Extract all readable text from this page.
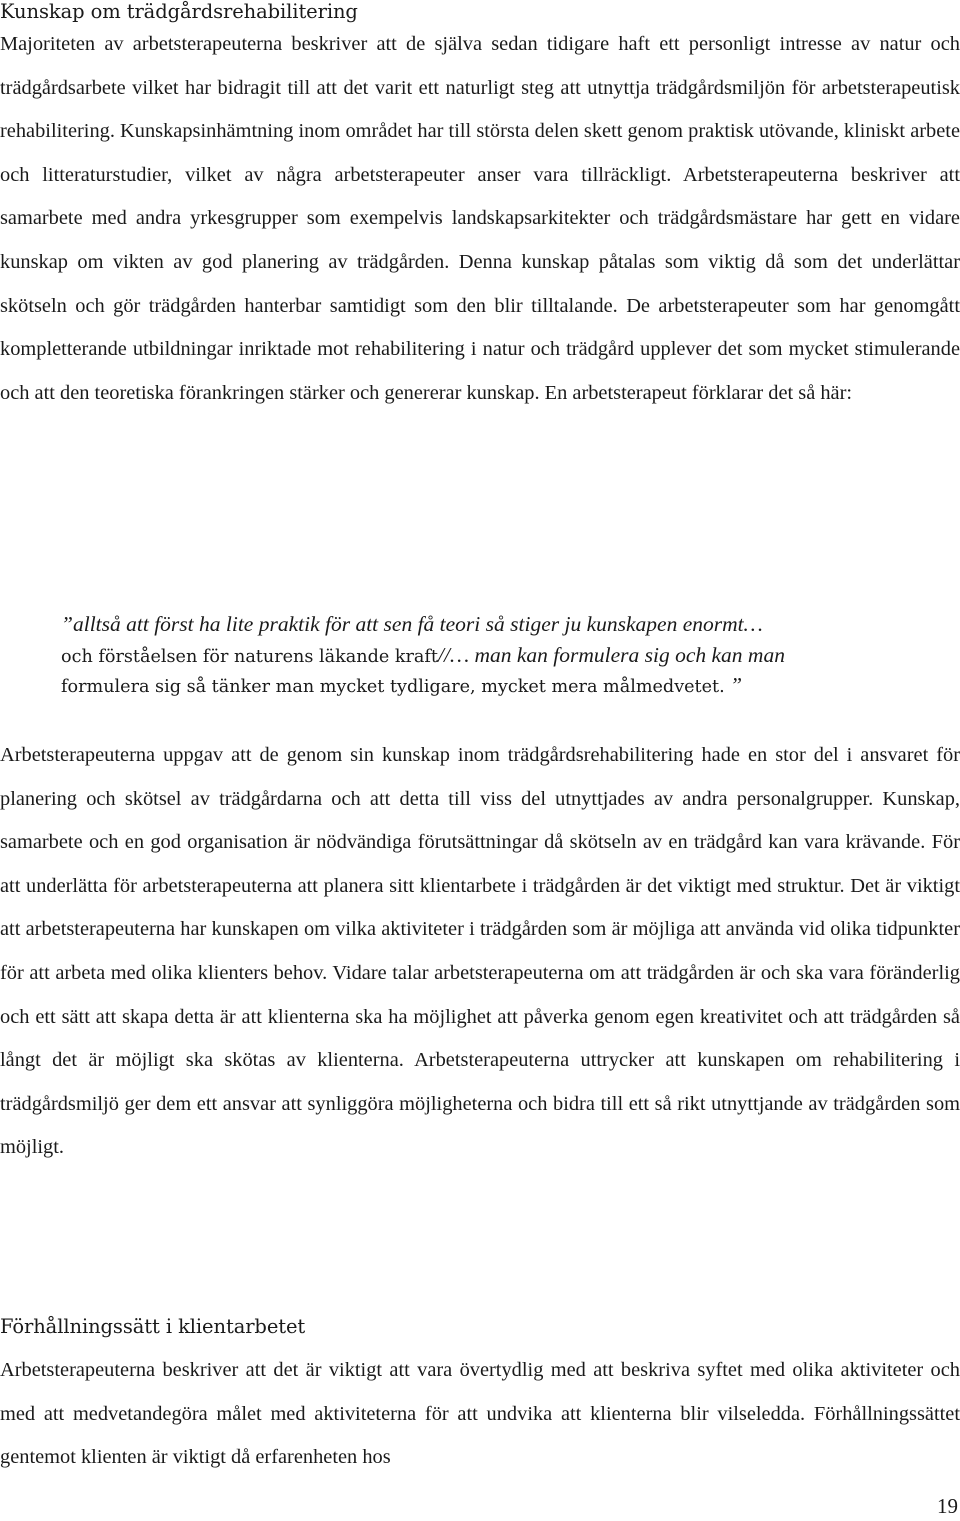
Kunskap om trädgårdsrehabilitering

Majoriteten av arbetsterapeuterna beskriver att de själva sedan tidigare haft ett personligt intresse av natur och trädgårdsarbete vilket har bidragit till att det varit ett naturligt steg att utnyttja trädgårdsmiljön för arbetsterapeutisk rehabilitering. Kunskapsinhämtning inom området har till största delen skett genom praktisk utövande, kliniskt arbete och litteraturstudier, vilket av några arbetsterapeuter anser vara tillräckligt. Arbetsterapeuterna beskriver att samarbete med andra yrkesgrupper som exempelvis landskapsarkitekter och trädgårdsmästare har gett en vidare kunskap om vikten av god planering av trädgården. Denna kunskap påtalas som viktig då som det underlättar skötseln och gör trädgården hanterbar samtidigt som den blir tilltalande. De arbetsterapeuter som har genomgått kompletterande utbildningar inriktade mot rehabilitering i natur och trädgård upplever det som mycket stimulerande och att den teoretiska förankringen stärker och genererar kunskap. En arbetsterapeut förklarar det så här:

”alltså att först ha lite praktik för att sen få teori så stiger ju kunskapen enormt…
och förståelsen för naturens läkande kraft//… man kan formulera sig och kan man
formulera sig så tänker man mycket tydligare, mycket mera målmedvetet. ”

Arbetsterapeuterna uppgav att de genom sin kunskap inom trädgårdsrehabilitering hade en stor del i ansvaret för planering och skötsel av trädgårdarna och att detta till viss del utnyttjades av andra personalgrupper. Kunskap, samarbete och en god organisation är nödvändiga förutsättningar då skötseln av en trädgård kan vara krävande. För att underlätta för arbetsterapeuterna att planera sitt klientarbete i trädgården är det viktigt med struktur. Det är viktigt att arbetsterapeuterna har kunskapen om vilka aktiviteter i trädgården som är möjliga att använda vid olika tidpunkter för att arbeta med olika klienters behov. Vidare talar arbetsterapeuterna om att trädgården är och ska vara föränderlig och ett sätt att skapa detta är att klienterna ska ha möjlighet att påverka genom egen kreativitet och att trädgården så långt det är möjligt ska skötas av klienterna. Arbetsterapeuterna uttrycker att kunskapen om rehabilitering i trädgårdsmiljö ger dem ett ansvar att synliggöra möjligheterna och bidra till ett så rikt utnyttjande av trädgården som möjligt.

Förhållningssätt i klientarbetet

Arbetsterapeuterna beskriver att det är viktigt att vara övertydlig med att beskriva syftet med olika aktiviteter och med att medvetandegöra målet med aktiviteterna för att undvika att klienterna blir vilseledda. Förhållningssättet gentemot klienten är viktigt då erfarenheten hos

19
